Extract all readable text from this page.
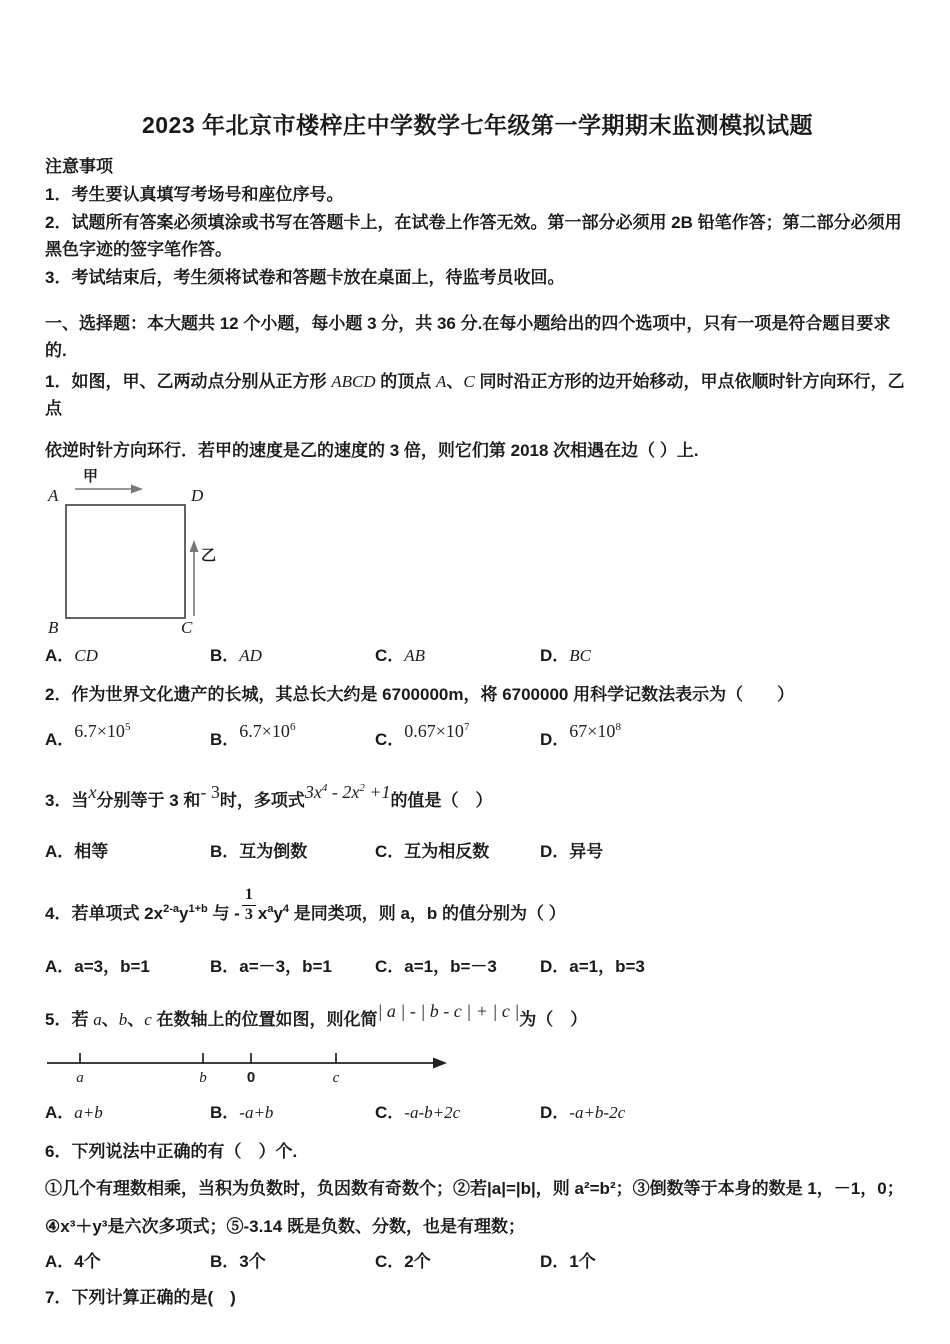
2023 年北京市楼梓庄中学数学七年级第一学期期末监测模拟试题
注意事项
1．考生要认真填写考场号和座位序号。
2．试题所有答案必须填涂或书写在答题卡上，在试卷上作答无效。第一部分必须用 2B 铅笔作答；第二部分必须用黑色字迹的签字笔作答。
3．考试结束后，考生须将试卷和答题卡放在桌面上，待监考员收回。
一、选择题：本大题共 12 个小题，每小题 3 分，共 36 分.在每小题给出的四个选项中，只有一项是符合题目要求的.
1．如图，甲、乙两动点分别从正方形 ABCD 的顶点 A、C 同时沿正方形的边开始移动，甲点依顺时针方向环行，乙点
依逆时针方向环行．若甲的速度是乙的速度的 3 倍，则它们第 2018 次相遇在边（ ）上.
甲
A	D
B	C
乙
A．CD	B．AD	C．AB	D．BC
2．作为世界文化遗产的长城，其总长大约是 6700000m，将 6700000 用科学记数法表示为（　　）
A．$6.7\times 10^5$
B．$6.7\times 10^6$
C．$0.67\times 10^7$
D．$67\times 10^8$
3．当x分别等于 3 和- 3时，多项式$3x^4 - 2x^2 +1$的值是（　）
A．相等	B．互为倒数	C．互为相反数	D．异号
4．若单项式 $2x^{2-a}y^{1+b}$ 与 - $\frac{1}{3} x^ay^4$ 是同类项，则 a，b 的值分别为（ ）
A．a=3，b=1	B．a=－3，b=1	C．a=1，b=－3	D．a=1，b=3
5．若 a、b、c 在数轴上的位置如图，则化简| a | - | b - c | + | c |为（　）
a	b	0	c
A．a+b	B．-a+b	C．-a-b+2c	D．-a+b-2c
6．下列说法中正确的有（　）个.
①几个有理数相乘，当积为负数时，负因数有奇数个；②若|a|=|b|，则 a²=b²；③倒数等于本身的数是 1，－1，0；
④x³＋y³是六次多项式；⑤-3.14 既是负数、分数，也是有理数；
A．4个	B．3个	C．2个	D．1个
7．下列计算正确的是(　)
